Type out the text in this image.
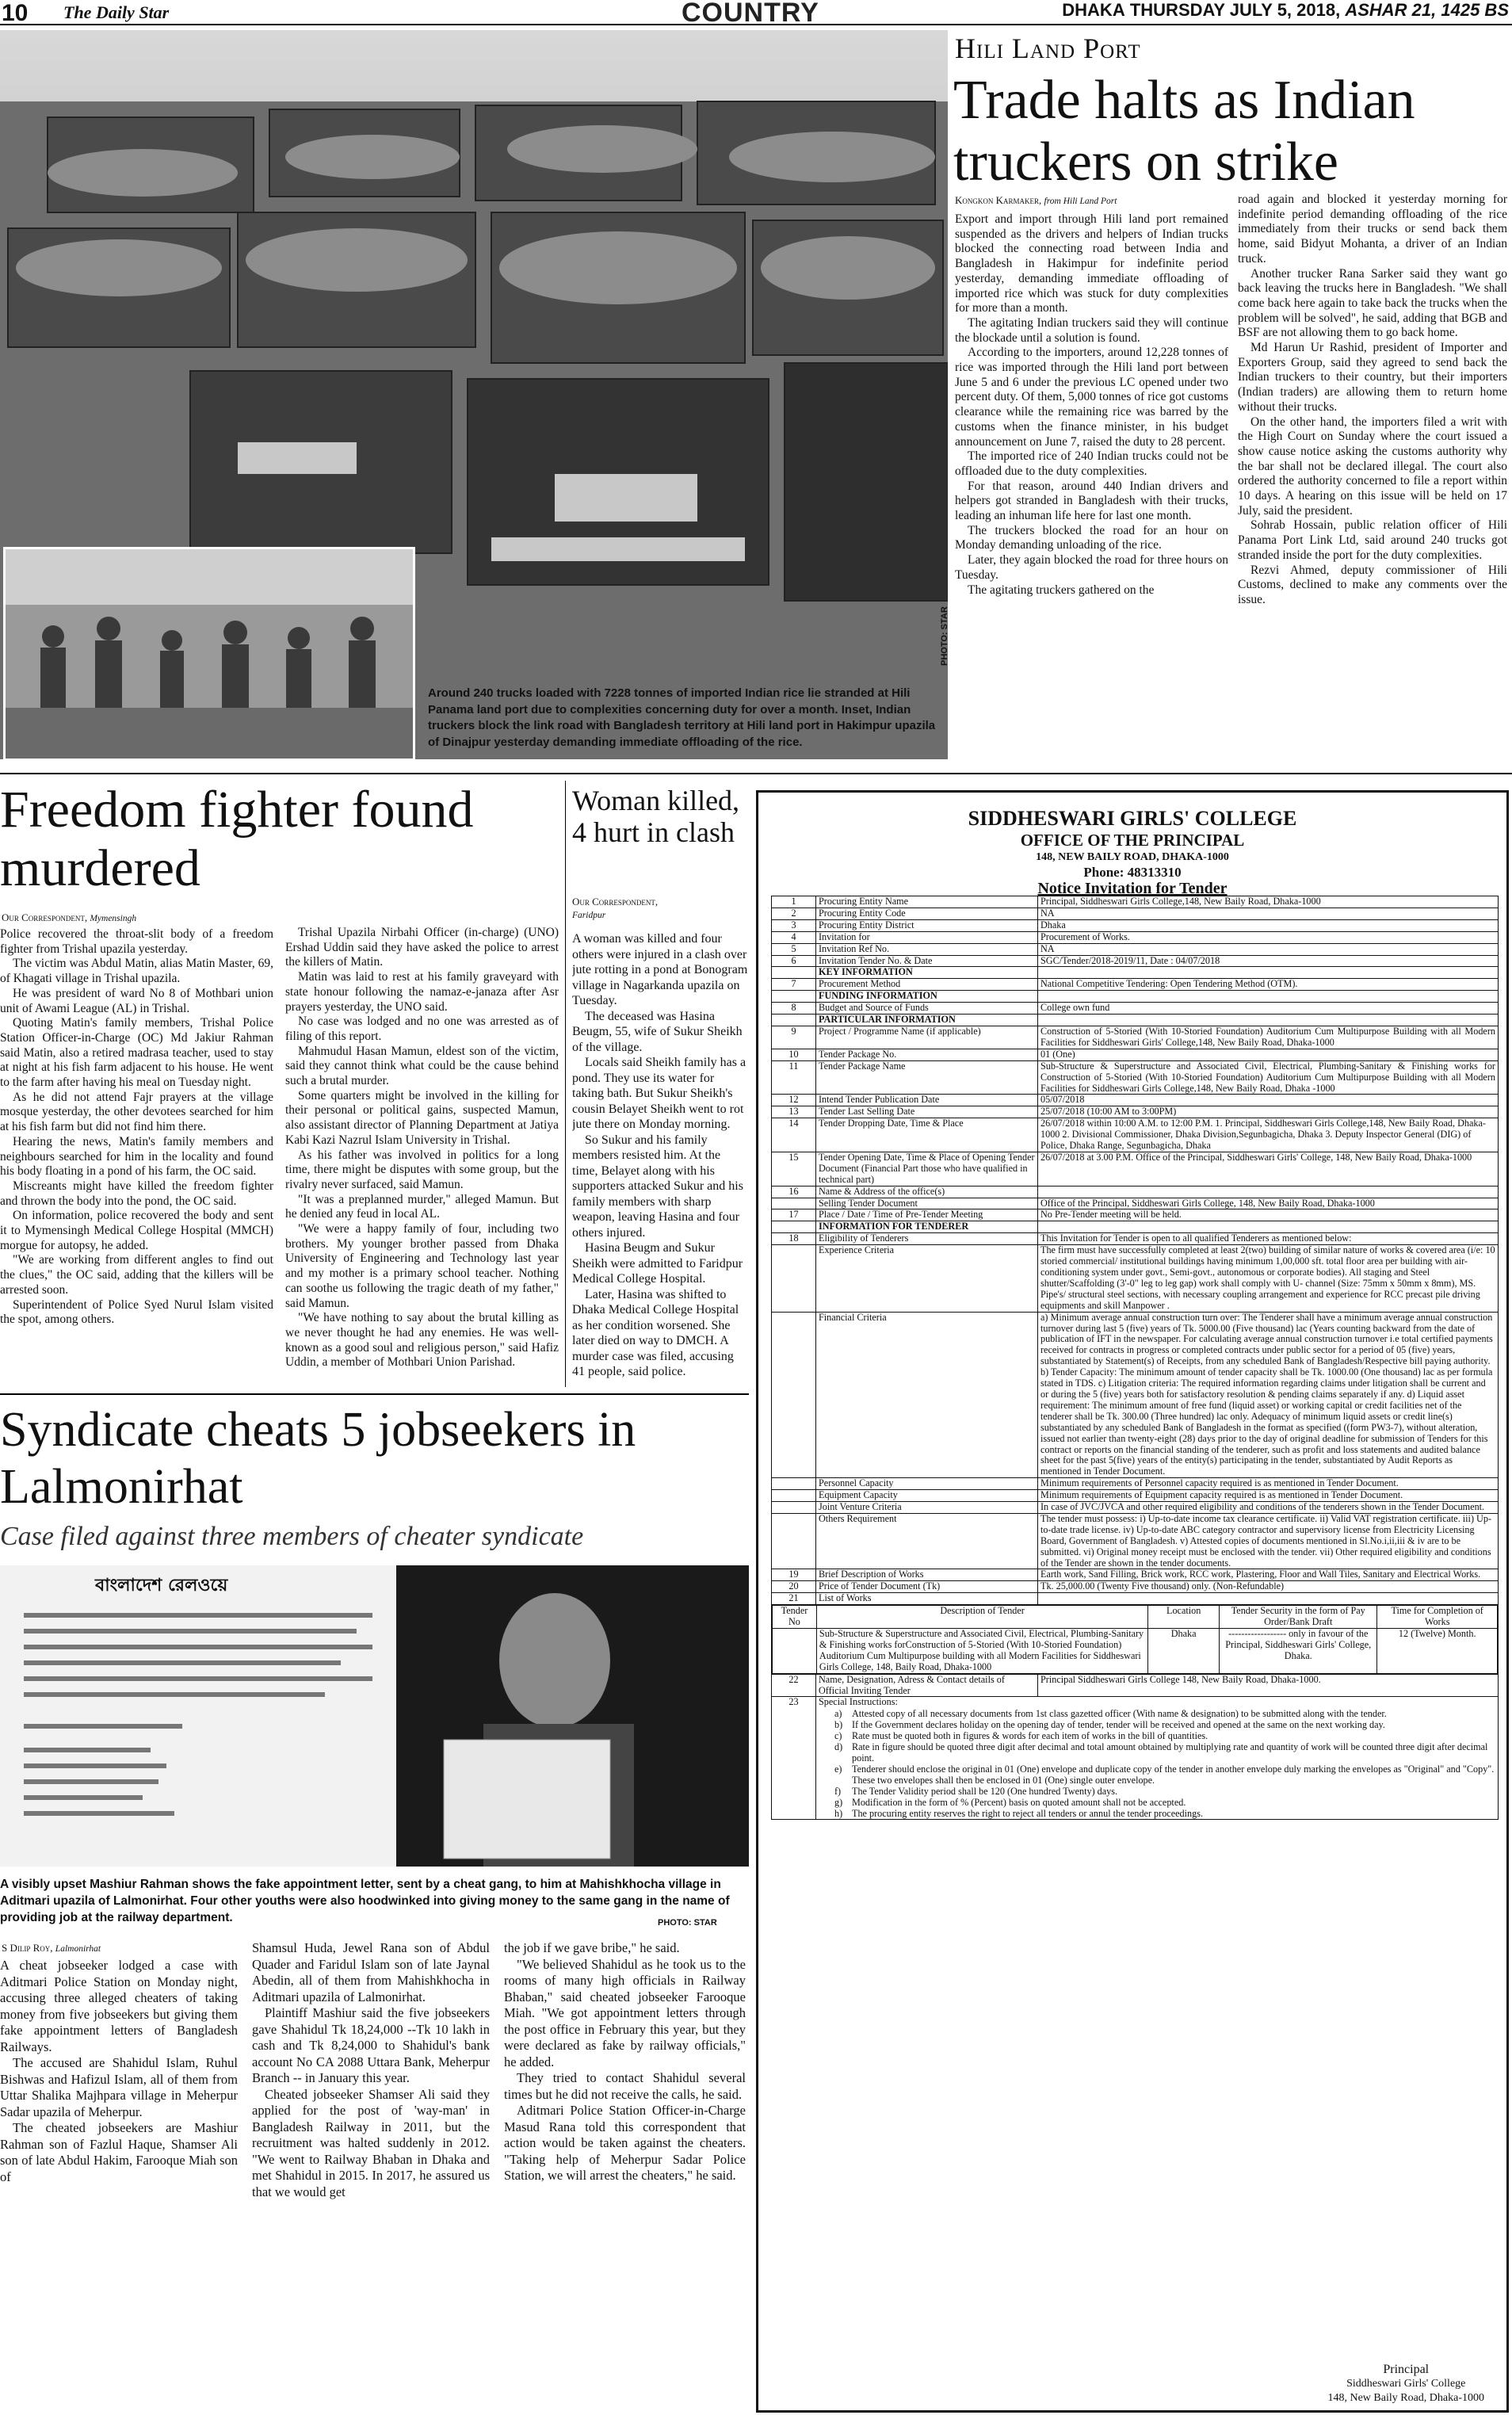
10 The Daily Star	COUNTRY	DHAKA THURSDAY JULY 5, 2018, ASHAR 21, 1425 BS
Around 240 trucks loaded with 7228 tonnes of imported Indian rice lie stranded at Hili Panama land port due to complexities concerning duty for over a month. Inset, Indian truckers block the link road with Bangladesh territory at Hili land port in Hakimpur upazila of Dinajpur yesterday demanding immediate offloading of the rice.
PHOTO: STAR
Hili Land Port
Trade halts as Indian truckers on strike
Kongkon Karmaker, from Hili Land Port

Export and import through Hili land port remained suspended as the drivers and helpers of Indian trucks blocked the connecting road between India and Bangladesh in Hakimpur for indefinite period yesterday, demanding immediate offloading of imported rice which was stuck for duty complexities for more than a month.

The agitating Indian truckers said they will continue the blockade until a solution is found.

According to the importers, around 12,228 tonnes of rice was imported through the Hili land port between June 5 and 6 under the previous LC opened under two percent duty. Of them, 5,000 tonnes of rice got customs clearance while the remaining rice was barred by the customs when the finance minister, in his budget announcement on June 7, raised the duty to 28 percent.

The imported rice of 240 Indian trucks could not be offloaded due to the duty complexities.

For that reason, around 440 Indian drivers and helpers got stranded in Bangladesh with their trucks, leading an inhuman life here for last one month.

The truckers blocked the road for an hour on Monday demanding unloading of the rice.

Later, they again blocked the road for three hours on Tuesday.

The agitating truckers gathered on the

road again and blocked it yesterday morning for indefinite period demanding offloading of the rice immediately from their trucks or send back them home, said Bidyut Mohanta, a driver of an Indian truck.

Another trucker Rana Sarker said they want go back leaving the trucks here in Bangladesh. "We shall come back here again to take back the trucks when the problem will be solved", he said, adding that BGB and BSF are not allowing them to go back home.

Md Harun Ur Rashid, president of Importer and Exporters Group, said they agreed to send back the Indian truckers to their country, but their importers (Indian traders) are allowing them to return home without their trucks.

On the other hand, the importers filed a writ with the High Court on Sunday where the court issued a show cause notice asking the customs authority why the bar shall not be declared illegal. The court also ordered the authority concerned to file a report within 10 days. A hearing on this issue will be held on 17 July, said the president.

Sohrab Hossain, public relation officer of Hili Panama Port Link Ltd, said around 240 trucks got stranded inside the port for the duty complexities.

Rezvi Ahmed, deputy commissioner of Hili Customs, declined to make any comments over the issue.

Freedom fighter found murdered
Our Correspondent, Mymensingh

Police recovered the throat-slit body of a freedom fighter from Trishal upazila yesterday.

The victim was Abdul Matin, alias Matin Master, 69, of Khagati village in Trishal upazila.

He was president of ward No 8 of Mothbari union unit of Awami League (AL) in Trishal.

Quoting Matin's family members, Trishal Police Station Officer-in-Charge (OC) Md Jakiur Rahman said Matin, also a retired madrasa teacher, used to stay at night at his fish farm adjacent to his house. He went to the farm after having his meal on Tuesday night.

As he did not attend Fajr prayers at the village mosque yesterday, the other devotees searched for him at his fish farm but did not find him there.

Hearing the news, Matin's family members and neighbours searched for him in the locality and found his body floating in a pond of his farm, the OC said.

Miscreants might have killed the freedom fighter and thrown the body into the pond, the OC said.

On information, police recovered the body and sent it to Mymensingh Medical College Hospital (MMCH) morgue for autopsy, he added.

"We are working from different angles to find out the clues," the OC said, adding that the killers will be arrested soon.

Superintendent of Police Syed Nurul Islam visited the spot, among others.

Trishal Upazila Nirbahi Officer (in-charge) (UNO) Ershad Uddin said they have asked the police to arrest the killers of Matin.

Matin was laid to rest at his family graveyard with state honour following the namaz-e-janaza after Asr prayers yesterday, the UNO said.

No case was lodged and no one was arrested as of filing of this report.

Mahmudul Hasan Mamun, eldest son of the victim, said they cannot think what could be the cause behind such a brutal murder.

Some quarters might be involved in the killing for their personal or political gains, suspected Mamun, also assistant director of Planning Department at Jatiya Kabi Kazi Nazrul Islam University in Trishal.

As his father was involved in politics for a long time, there might be disputes with some group, but the rivalry never surfaced, said Mamun.

"It was a preplanned murder," alleged Mamun. But he denied any feud in local AL.

"We were a happy family of four, including two brothers. My younger brother passed from Dhaka University of Engineering and Technology last year and my mother is a primary school teacher. Nothing can soothe us following the tragic death of my father," said Mamun.

"We have nothing to say about the brutal killing as we never thought he had any enemies. He was well-known as a good soul and religious person," said Hafiz Uddin, a member of Mothbari Union Parishad.

Woman killed, 4 hurt in clash
Our Correspondent,
Faridpur

A woman was killed and four others were injured in a clash over jute rotting in a pond at Bonogram village in Nagarkanda upazila on Tuesday.

The deceased was Hasina Beugm, 55, wife of Sukur Sheikh of the village.

Locals said Sheikh family has a pond. They use its water for taking bath. But Sukur Sheikh's cousin Belayet Sheikh went to rot jute there on Monday morning.

So Sukur and his family members resisted him. At the time, Belayet along with his supporters attacked Sukur and his family members with sharp weapon, leaving Hasina and four others injured.

Hasina Beugm and Sukur Sheikh were admitted to Faridpur Medical College Hospital.

Later, Hasina was shifted to Dhaka Medical College Hospital as her condition worsened. She later died on way to DMCH. A murder case was filed, accusing 41 people, said police.

Syndicate cheats 5 jobseekers in Lalmonirhat
Case filed against three members of cheater syndicate
বাংলাদেশ রেলওয়ে
A visibly upset Mashiur Rahman shows the fake appointment letter, sent by a cheat gang, to him at Mahishkhocha village in Aditmari upazila of Lalmonirhat. Four other youths were also hoodwinked into giving money to the same gang in the name of providing job at the railway department.	PHOTO: STAR
S Dilip Roy, Lalmonirhat

A cheat jobseeker lodged a case with Aditmari Police Station on Monday night, accusing three alleged cheaters of taking money from five jobseekers but giving them fake appointment letters of Bangladesh Railways.

The accused are Shahidul Islam, Ruhul Bishwas and Hafizul Islam, all of them from Uttar Shalika Majhpara village in Meherpur Sadar upazila of Meherpur.

The cheated jobseekers are Mashiur Rahman son of Fazlul Haque, Shamser Ali son of late Abdul Hakim, Farooque Miah son of

Shamsul Huda, Jewel Rana son of Abdul Quader and Faridul Islam son of late Jaynal Abedin, all of them from Mahishkhocha in Aditmari upazila of Lalmonirhat.

Plaintiff Mashiur said the five jobseekers gave Shahidul Tk 18,24,000 --Tk 10 lakh in cash and Tk 8,24,000 to Shahidul's bank account No CA 2088 Uttara Bank, Meherpur Branch -- in January this year.

Cheated jobseeker Shamser Ali said they applied for the post of 'way-man' in Bangladesh Railway in 2011, but the recruitment was halted suddenly in 2012. "We went to Railway Bhaban in Dhaka and met Shahidul in 2015. In 2017, he assured us that we would get

the job if we gave bribe," he said.

"We believed Shahidul as he took us to the rooms of many high officials in Railway Bhaban," said cheated jobseeker Farooque Miah. "We got appointment letters through the post office in February this year, but they were declared as fake by railway officials," he added.

They tried to contact Shahidul several times but he did not receive the calls, he said.

Aditmari Police Station Officer-in-Charge Masud Rana told this correspondent that action would be taken against the cheaters. "Taking help of Meherpur Sadar Police Station, we will arrest the cheaters," he said.

SIDDHESWARI GIRLS' COLLEGE
OFFICE OF THE PRINCIPAL
148, NEW BAILY ROAD, DHAKA-1000
Phone: 48313310
Notice Invitation for Tender
1	Procuring Entity Name	Principal, Siddheswari Girls College,148, New Baily Road, Dhaka-1000
2	Procuring Entity Code	NA
3	Procuring Entity District	Dhaka
4	Invitation for	Procurement of Works.
5	Invitation Ref No.	NA
6	Invitation Tender No. & Date	SGC/Tender/2018-2019/11, Date : 04/07/2018
	KEY INFORMATION	
7	Procurement Method	National Competitive Tendering: Open Tendering Method (OTM).
	FUNDING INFORMATION	
8	Budget and Source of Funds	College own fund
	PARTICULAR INFORMATION	
9	Project / Programme Name (if applicable)	Construction of 5-Storied (With 10-Storied Foundation) Auditorium Cum Multipurpose Building with all Modern Facilities for Siddheswari Girls' College,148, New Baily Road, Dhaka-1000
10	Tender Package No.	01 (One)
11	Tender Package Name	Sub-Structure & Superstructure and Associated Civil, Electrical, Plumbing-Sanitary & Finishing works for Construction of 5-Storied (With 10-Storied Foundation) Auditorium Cum Multipurpose Building with all Modern Facilities for Siddheswari Girls College,148, New Baily Road, Dhaka -1000
12	Intend Tender Publication Date	05/07/2018
13	Tender Last Selling Date	25/07/2018 (10:00 AM to 3:00PM)
14	Tender Dropping Date, Time & Place	26/07/2018 within 10:00 A.M. to 12:00 P.M. 1. Principal, Siddheswari Girls College,148, New Baily Road, Dhaka-1000 2. Divisional Commissioner, Dhaka Division,Segunbagicha, Dhaka 3. Deputy Inspector General (DIG) of Police, Dhaka Range, Segunbagicha, Dhaka
15	Tender Opening Date, Time & Place of Opening Tender Document (Financial Part those who have qualified in technical part)	26/07/2018 at 3.00 P.M. Office of the Principal, Siddheswari Girls' College, 148, New Baily Road, Dhaka-1000
16	Name & Address of the office(s)	
	Selling Tender Document	Office of the Principal, Siddheswari Girls College, 148, New Baily Road, Dhaka-1000
17	Place / Date / Time of Pre-Tender Meeting	No Pre-Tender meeting will be held.
	INFORMATION FOR TENDERER	
18	Eligibility of Tenderers	This Invitation for Tender is open to all qualified Tenderers as mentioned below:
	Experience Criteria	The firm must have successfully completed at least 2(two) building of similar nature of works & covered area (i/e: 10 storied commercial/ institutional buildings having minimum 1,00,000 sft. total floor area per building with air- conditioning system under govt., Semi-govt., autonomous or corporate bodies). All staging and Steel shutter/Scaffolding (3'-0" leg to leg gap) work shall comply with U- channel (Size: 75mm x 50mm x 8mm), MS. Pipe's/ structural steel sections, with necessary coupling arrangement and experience for RCC precast pile driving equipments and skill Manpower .
	Financial Criteria	a) Minimum average annual construction turn over: The Tenderer shall have a minimum average annual construction turnover during last 5 (five) years of Tk. 5000.00 (Five thousand) lac (Years counting backward from the date of publication of IFT in the newspaper. For calculating average annual construction turnover i.e total certified payments received for contracts in progress or completed contracts under public sector for a period of 05 (five) years, substantiated by Statement(s) of Receipts, from any scheduled Bank of Bangladesh/Respective bill paying authority. b) Tender Capacity: The minimum amount of tender capacity shall be Tk. 1000.00 (One thousand) lac as per formula stated in TDS. c) Litigation criteria: The required information regarding claims under litigation shall be current and or during the 5 (five) years both for satisfactory resolution & pending claims separately if any. d) Liquid asset requirement: The minimum amount of free fund (liquid asset) or working capital or credit facilities net of the tenderer shall be Tk. 300.00 (Three hundred) lac only. Adequacy of minimum liquid assets or credit line(s) substantiated by any scheduled Bank of Bangladesh in the format as specified ((form PW3-7), without alteration, issued not earlier than twenty-eight (28) days prior to the day of original deadline for submission of Tenders for this contract or reports on the financial standing of the tenderer, such as profit and loss statements and audited balance sheet for the past 5(five) years of the entity(s) participating in the tender, substantiated by Audit Reports as mentioned in Tender Document.
	Personnel Capacity	Minimum requirements of Personnel capacity required is as mentioned in Tender Document.
	Equipment Capacity	Minimum requirements of Equipment capacity required is as mentioned in Tender Document.
	Joint Venture Criteria	In case of JVC/JVCA and other required eligibility and conditions of the tenderers shown in the Tender Document.
	Others Requirement	The tender must possess: i) Up-to-date income tax clearance certificate. ii) Valid VAT registration certificate. iii) Up-to-date trade license. iv) Up-to-date ABC category contractor and supervisory license from Electricity Licensing Board, Government of Bangladesh. v) Attested copies of documents mentioned in Sl.No.i,ii,iii & iv are to be submitted. vi) Original money receipt must be enclosed with the tender. vii) Other required eligibility and conditions of the Tender are shown in the tender documents.
19	Brief Description of Works	Earth work, Sand Filling, Brick work, RCC work, Plastering, Floor and Wall Tiles, Sanitary and Electrical Works.
20	Price of Tender Document (Tk)	Tk. 25,000.00 (Twenty Five thousand) only. (Non-Refundable)
21	List of Works	

Tender No	Description of Tender	Location	Tender Security in the form of Pay Order/Bank Draft	Time for Completion of Works
	Sub-Structure & Superstructure and Associated Civil, Electrical, Plumbing-Sanitary & Finishing works forConstruction of 5-Storied (With 10-Storied Foundation) Auditorium Cum Multipurpose building with all Modern Facilities for Siddheswari Girls College, 148, Baily Road, Dhaka-1000	Dhaka	------------------ only in favour of the Principal, Siddheswari Girls' College, Dhaka.	12 (Twelve) Month.

22	Name, Designation, Adress & Contact details of Official Inviting Tender	Principal Siddheswari Girls College 148, New Baily Road, Dhaka-1000.
23	Special Instructions:
a)	Attested copy of all necessary documents from 1st class gazetted officer (With name & designation) to be submitted along with the tender.
b) If the Government declares holiday on the opening day of tender, tender will be received and opened at the same on the next working day.
c)	Rate must be quoted both in figures & words for each item of works in the bill of quantities.
d) Rate in figure should be quoted three digit after decimal and total amount obtained by multiplying rate and quantity of work will be counted three digit after decimal point.
e)	Tenderer should enclose the original in 01 (One) envelope and duplicate copy of the tender in another envelope duly marking the envelopes as "Original" and "Copy". These two envelopes shall then be enclosed in 01 (One) single outer envelope.
f)	The Tender Validity period shall be 120 (One hundred Twenty) days.
g) Modification in the form of % (Percent) basis on quoted amount shall not be accepted.
h) The procuring entity reserves the right to reject all tenders or annul the tender proceedings.
Principal
Siddheswari Girls' College
148, New Baily Road, Dhaka-1000
